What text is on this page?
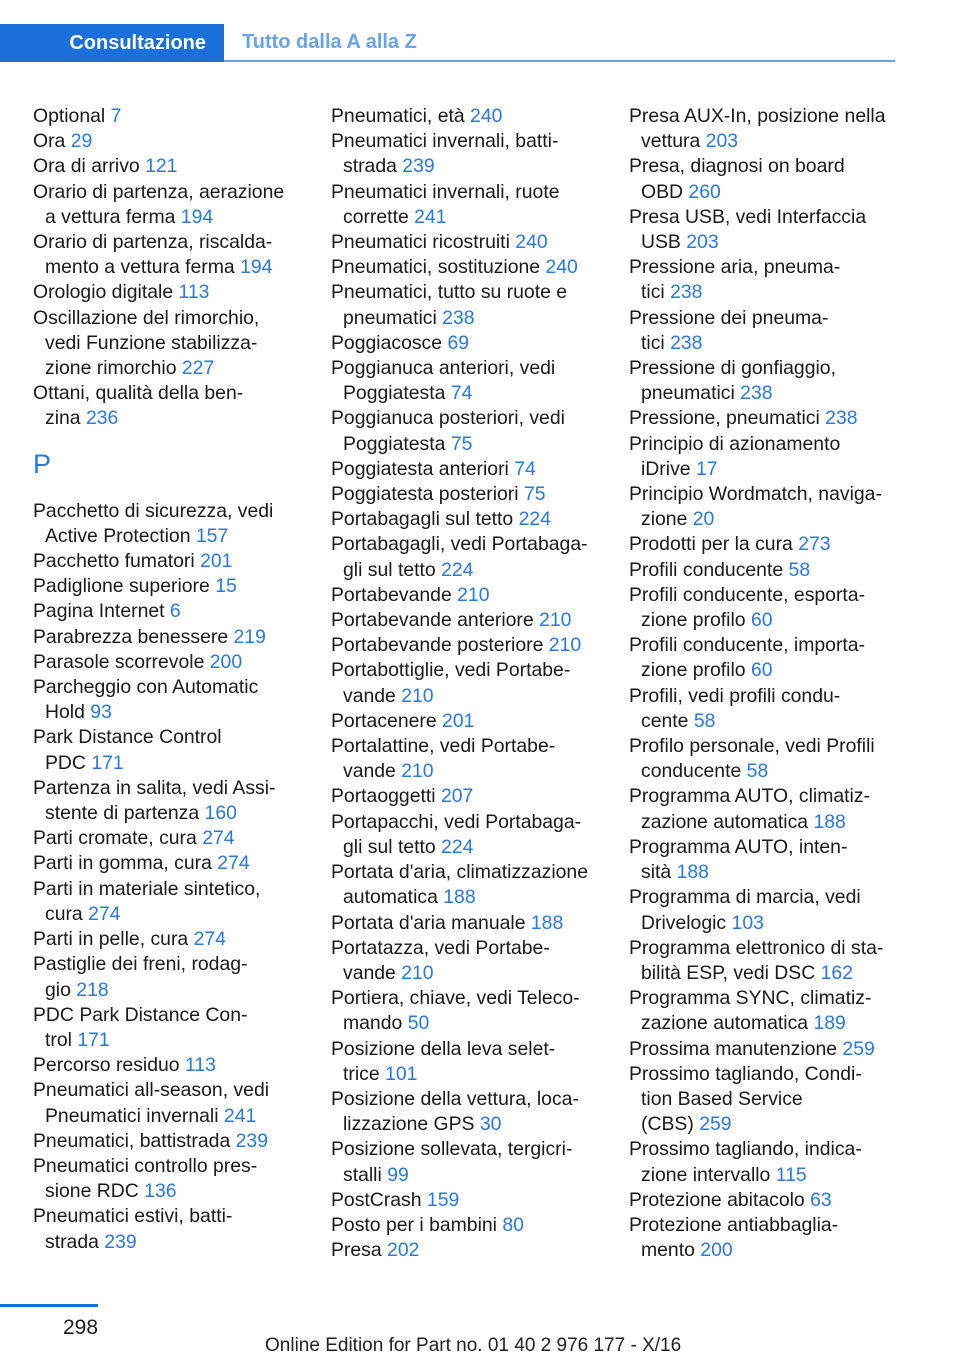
Consultazione Tutto dalla A alla Z
Optional 7
Ora 29
Ora di arrivo 121
Orario di partenza, aerazione
a vettura ferma 194
Orario di partenza, riscalda-
mento a vettura ferma 194
Orologio digitale 113
Oscillazione del rimorchio,
vedi Funzione stabilizza-
zione rimorchio 227
Ottani, qualità della ben-
zina 236
P
Pacchetto di sicurezza, vedi
Active Protection 157
Pacchetto fumatori 201
Padiglione superiore 15
Pagina Internet 6
Parabrezza benessere 219
Parasole scorrevole 200
Parcheggio con Automatic
Hold 93
Park Distance Control
PDC 171
Partenza in salita, vedi Assi-
stente di partenza 160
Parti cromate, cura 274
Parti in gomma, cura 274
Parti in materiale sintetico,
cura 274
Parti in pelle, cura 274
Pastiglie dei freni, rodag-
gio 218
PDC Park Distance Con-
trol 171
Percorso residuo 113
Pneumatici all-season, vedi
Pneumatici invernali 241
Pneumatici, battistrada 239
Pneumatici controllo pres-
sione RDC 136
Pneumatici estivi, batti-
strada 239
Pneumatici, età 240
Pneumatici invernali, batti-
strada 239
Pneumatici invernali, ruote
corrette 241
Pneumatici ricostruiti 240
Pneumatici, sostituzione 240
Pneumatici, tutto su ruote e
pneumatici 238
Poggiacosce 69
Poggianuca anteriori, vedi
Poggiatesta 74
Poggianuca posteriori, vedi
Poggiatesta 75
Poggiatesta anteriori 74
Poggiatesta posteriori 75
Portabagagli sul tetto 224
Portabagagli, vedi Portabaga-
gli sul tetto 224
Portabevande 210
Portabevande anteriore 210
Portabevande posteriore 210
Portabottiglie, vedi Portabe-
vande 210
Portacenere 201
Portalattine, vedi Portabe-
vande 210
Portaoggetti 207
Portapacchi, vedi Portabaga-
gli sul tetto 224
Portata d'aria, climatizzazione
automatica 188
Portata d'aria manuale 188
Portatazza, vedi Portabe-
vande 210
Portiera, chiave, vedi Teleco-
mando 50
Posizione della leva selet-
trice 101
Posizione della vettura, loca-
lizzazione GPS 30
Posizione sollevata, tergicri-
stalli 99
PostCrash 159
Posto per i bambini 80
Presa 202
Presa AUX-In, posizione nella
vettura 203
Presa, diagnosi on board
OBD 260
Presa USB, vedi Interfaccia
USB 203
Pressione aria, pneuma-
tici 238
Pressione dei pneuma-
tici 238
Pressione di gonfiaggio,
pneumatici 238
Pressione, pneumatici 238
Principio di azionamento
iDrive 17
Principio Wordmatch, naviga-
zione 20
Prodotti per la cura 273
Profili conducente 58
Profili conducente, esporta-
zione profilo 60
Profili conducente, importa-
zione profilo 60
Profili, vedi profili condu-
cente 58
Profilo personale, vedi Profili
conducente 58
Programma AUTO, climatiz-
zazione automatica 188
Programma AUTO, inten-
sità 188
Programma di marcia, vedi
Drivelogic 103
Programma elettronico di sta-
bilità ESP, vedi DSC 162
Programma SYNC, climatiz-
zazione automatica 189
Prossima manutenzione 259
Prossimo tagliando, Condi-
tion Based Service
(CBS) 259
Prossimo tagliando, indica-
zione intervallo 115
Protezione abitacolo 63
Protezione antiabbaglia-
mento 200
298
Online Edition for Part no. 01 40 2 976 177 - X/16
